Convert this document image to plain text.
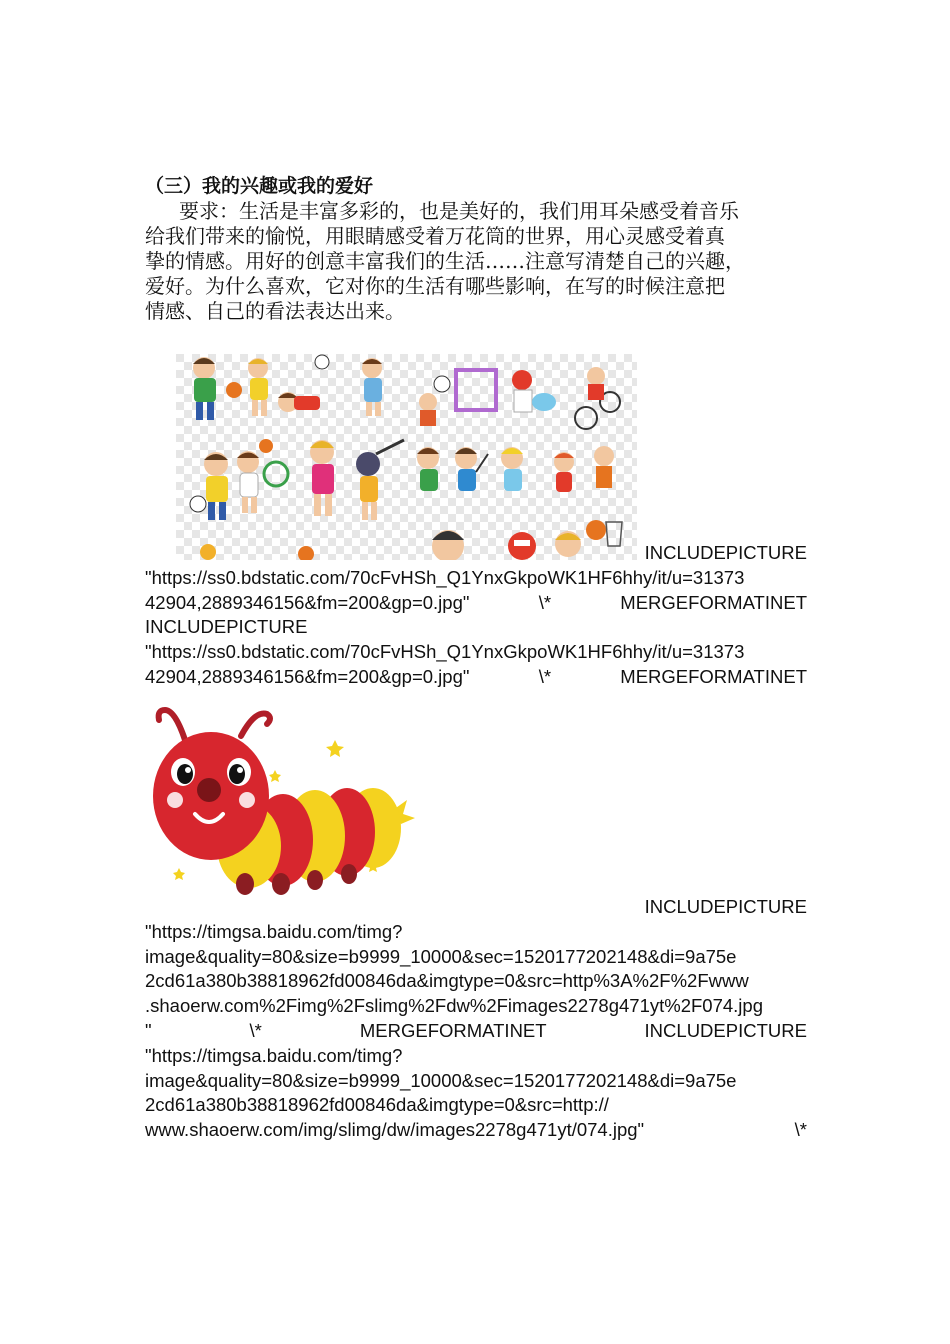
（三）我的兴趣或我的爱好
要求：生活是丰富多彩的，也是美好的，我们用耳朵感受着音乐
给我们带来的愉悦，用眼睛感受着万花筒的世界，用心灵感受着真
挚的情感。用好的创意丰富我们的生活……注意写清楚自己的兴趣，
爱好。为什么喜欢，它对你的生活有哪些影响，在写的时候注意把
情感、自己的看法表达出来。
INCLUDEPICTURE
"https://ss0.bdstatic.com/70cFvHSh_Q1YnxGkpoWK1HF6hhy/it/u=31373
42904,2889346156&fm=200&gp=0.jpg"	\*	MERGEFORMATINET
INCLUDEPICTURE
"https://ss0.bdstatic.com/70cFvHSh_Q1YnxGkpoWK1HF6hhy/it/u=31373
42904,2889346156&fm=200&gp=0.jpg"	\*	MERGEFORMATINET
INCLUDEPICTURE
"https://timgsa.baidu.com/timg?
image&quality=80&size=b9999_10000&sec=1520177202148&di=9a75e
2cd61a380b38818962fd00846da&imgtype=0&src=http%3A%2F%2Fwww
.shaoerw.com%2Fimg%2Fslimg%2Fdw%2Fimages2278g471yt%2F074.jpg
"	\*	MERGEFORMATINET	INCLUDEPICTURE
"https://timgsa.baidu.com/timg?
image&quality=80&size=b9999_10000&sec=1520177202148&di=9a75e
2cd61a380b38818962fd00846da&imgtype=0&src=http://
www.shaoerw.com/img/slimg/dw/images2278g471yt/074.jpg"	\*
